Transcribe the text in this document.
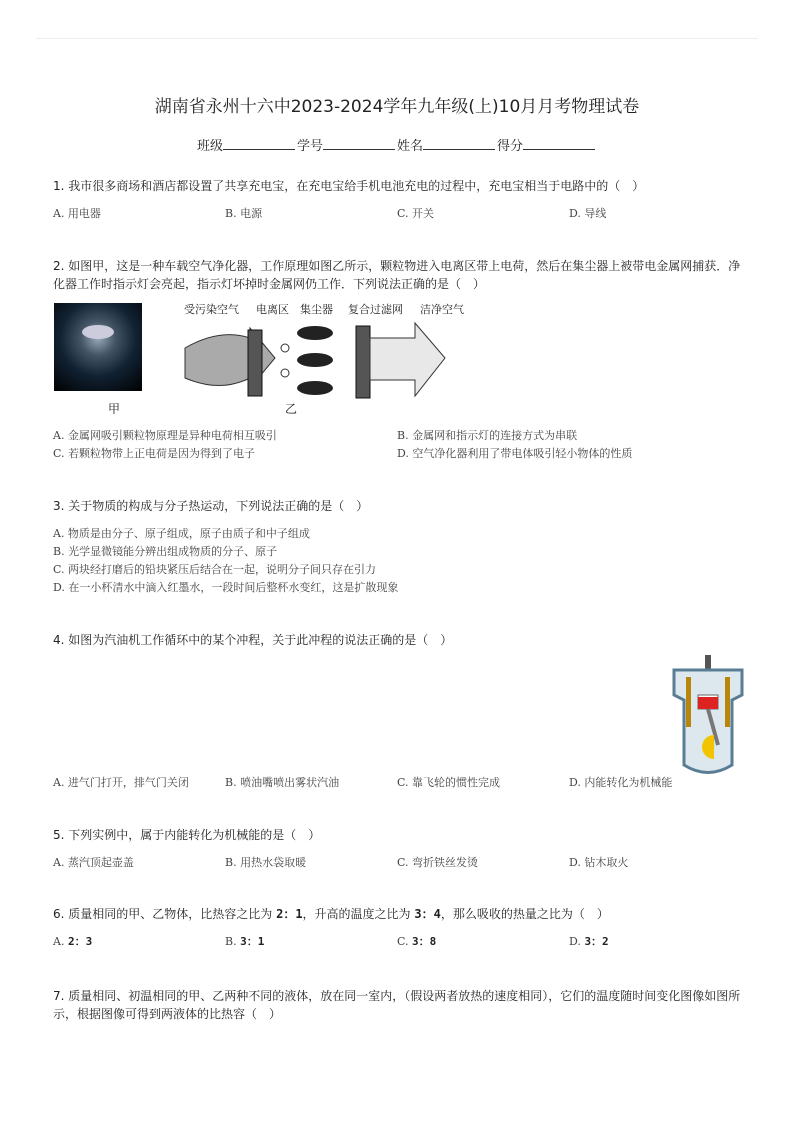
湖南省永州十六中2023-2024学年九年级(上)10月月考物理试卷
班级	学号	姓名	得分
1. 我市很多商场和酒店都设置了共享充电宝，在充电宝给手机电池充电的过程中，充电宝相当于电路中的（　）
A. 用电器	B. 电源	C. 开关	D. 导线
2. 如图甲，这是一种车载空气净化器，工作原理如图乙所示，颗粒物进入电离区带上电荷，然后在集尘器上被带电金属网捕获．净化器工作时指示灯会亮起，指示灯坏掉时金属网仍工作．下列说法正确的是（　）
甲
受污染空气 电离区 集尘器 复合过滤网 洁净空气
乙
A. 金属网吸引颗粒物原理是异种电荷相互吸引	B. 金属网和指示灯的连接方式为串联
C. 若颗粒物带上正电荷是因为得到了电子	D. 空气净化器利用了带电体吸引轻小物体的性质
3. 关于物质的构成与分子热运动，下列说法正确的是（　）
A. 物质是由分子、原子组成，原子由质子和中子组成
B. 光学显微镜能分辨出组成物质的分子、原子
C. 两块经打磨后的铅块紧压后结合在一起，说明分子间只存在引力
D. 在一小杯清水中滴入红墨水，一段时间后整杯水变红，这是扩散现象
4. 如图为汽油机工作循环中的某个冲程，关于此冲程的说法正确的是（　）
A. 进气门打开，排气门关闭	B. 喷油嘴喷出雾状汽油	C. 靠飞轮的惯性完成	D. 内能转化为机械能
5. 下列实例中，属于内能转化为机械能的是（　）
A. 蒸汽顶起壶盖	B. 用热水袋取暖	C. 弯折铁丝发烫	D. 钻木取火
6. 质量相同的甲、乙物体，比热容之比为 2：1，升高的温度之比为 3：4，那么吸收的热量之比为（　）
A. 2：3	B. 3：1	C. 3：8	D. 3：2
7. 质量相同、初温相同的甲、乙两种不同的液体，放在同一室内，（假设两者放热的速度相同），它们的温度随时间变化图像如图所示，根据图像可得到两液体的比热容（　）
